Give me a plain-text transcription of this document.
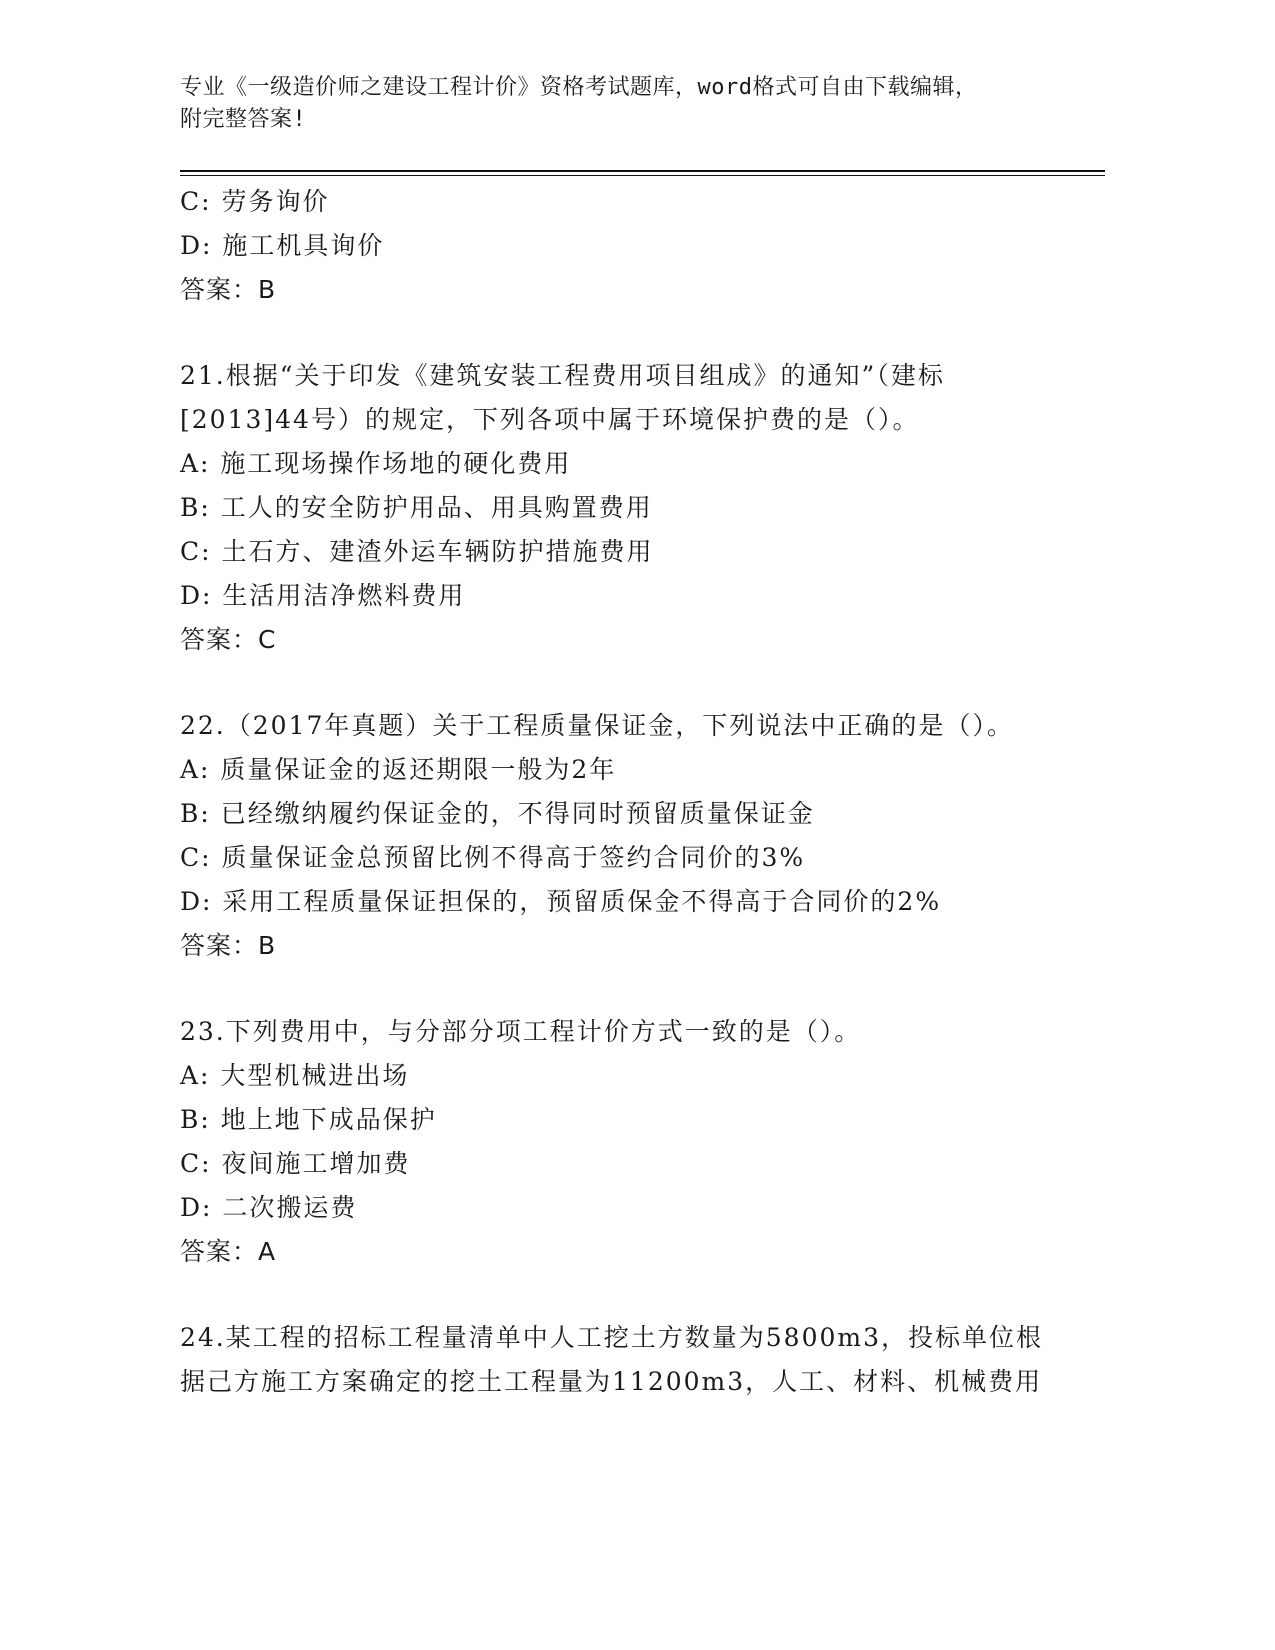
专业《一级造价师之建设工程计价》资格考试题库，word格式可自由下载编辑，
附完整答案!
C: 劳务询价
D: 施工机具询价
答案：B
21.根据“关于印发《建筑安装工程费用项目组成》的通知”（建标
[2013]44号）的规定，下列各项中属于环境保护费的是（）。
A: 施工现场操作场地的硬化费用
B: 工人的安全防护用品、用具购置费用
C: 土石方、建渣外运车辆防护措施费用
D: 生活用洁净燃料费用
答案：C
22.（2017年真题）关于工程质量保证金，下列说法中正确的是（）。
A: 质量保证金的返还期限一般为2年
B: 已经缴纳履约保证金的，不得同时预留质量保证金
C: 质量保证金总预留比例不得高于签约合同价的3%
D: 采用工程质量保证担保的，预留质保金不得高于合同价的2%
答案：B
23.下列费用中，与分部分项工程计价方式一致的是（）。
A: 大型机械进出场
B: 地上地下成品保护
C: 夜间施工增加费
D: 二次搬运费
答案：A
24.某工程的招标工程量清单中人工挖土方数量为5800m3，投标单位根
据己方施工方案确定的挖土工程量为11200m3，人工、材料、机械费用
